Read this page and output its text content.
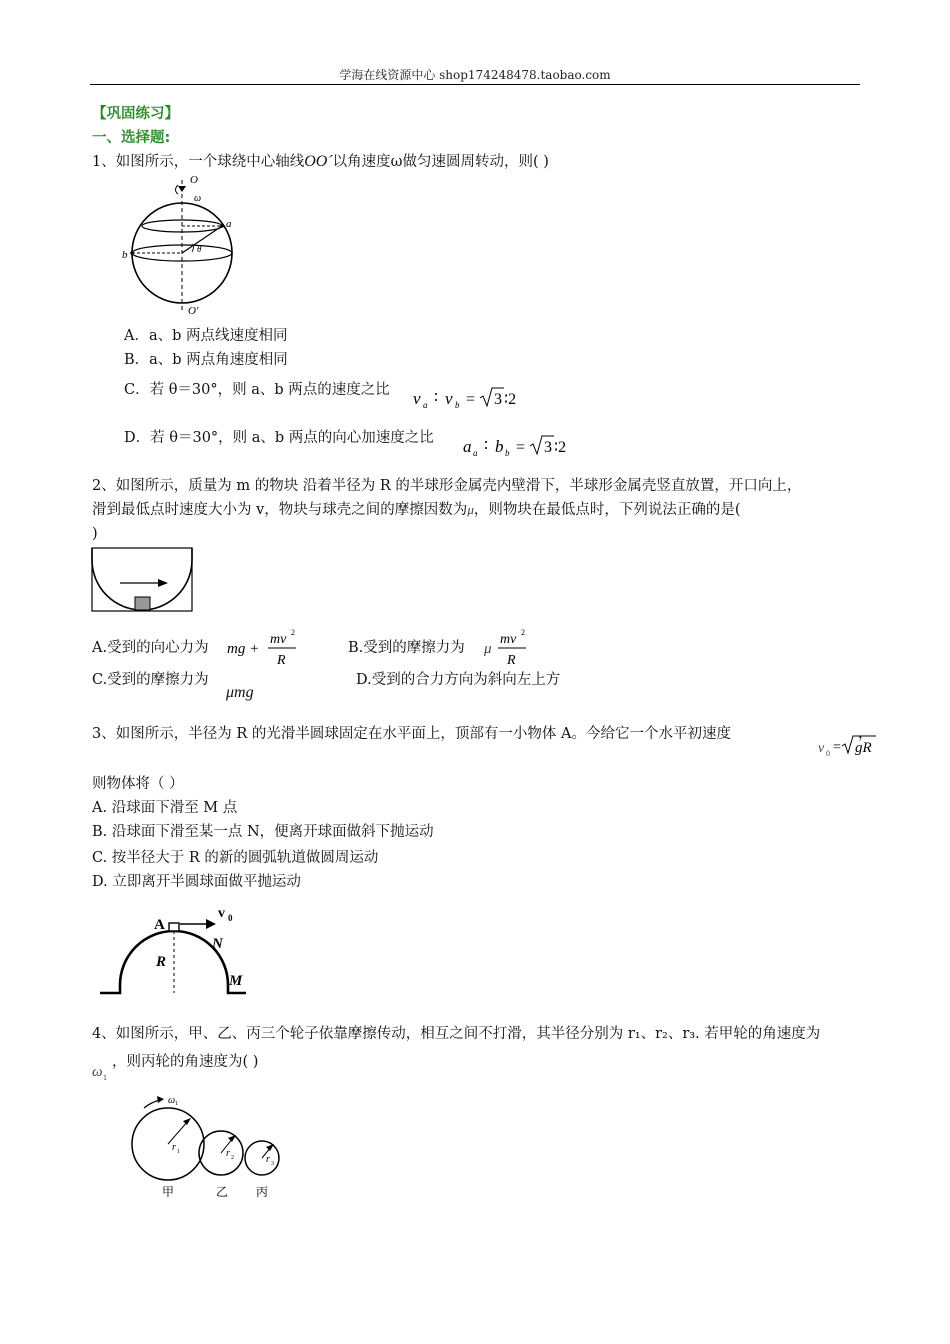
学海在线资源中心 shop174248478.taobao.com
【巩固练习】
一、选择题:
1、如图所示，一个球绕中心轴线OO´以角速度ω做匀速圆周转动，则( )
O
ω
a
b	θ
O′
A．a、b 两点线速度相同
B．a、b 两点角速度相同
C．若 θ＝30°，则 a、b 两点的速度之比 v a ∶ v b = 3 ∶2
D．若 θ＝30°，则 a、b 两点的向心加速度之比 a a ∶ b b = 3 ∶2
2、如图所示，质量为 m 的物块 沿着半径为 R 的半球形金属壳内壁滑下，半球形金属壳竖直放置，开口向上，
滑到最低点时速度大小为 v，物块与球壳之间的摩擦因数为μ，则物块在最低点时，下列说法正确的是(
)
A.受到的向心力为 mg +
mv 2
R
B.受到的摩擦力为 μ
mv 2
R
C.受到的摩擦力为
μmg
D.受到的合力方向为斜向左上方
3、如图所示，半径为 R 的光滑半圆球固定在水平面上，顶部有一小物体 A。今给它一个水平初速度
v 0 = gR
，
则物体将（ ）
A. 沿球面下滑至 M 点
B. 沿球面下滑至某一点 N，便离开球面做斜下抛运动
C. 按半径大于 R 的新的圆弧轨道做圆周运动
D. 立即离开半圆球面做平抛运动
A
v 0
N
R
M
4、如图所示，甲、乙、丙三个轮子依靠摩擦传动，相互之间不打滑，其半径分别为 r₁、r₂、r₃. 若甲轮的角速度为
ω 1
，则丙轮的角速度为( )
ω 1
r 1	r 2	r 3
甲	乙 丙
